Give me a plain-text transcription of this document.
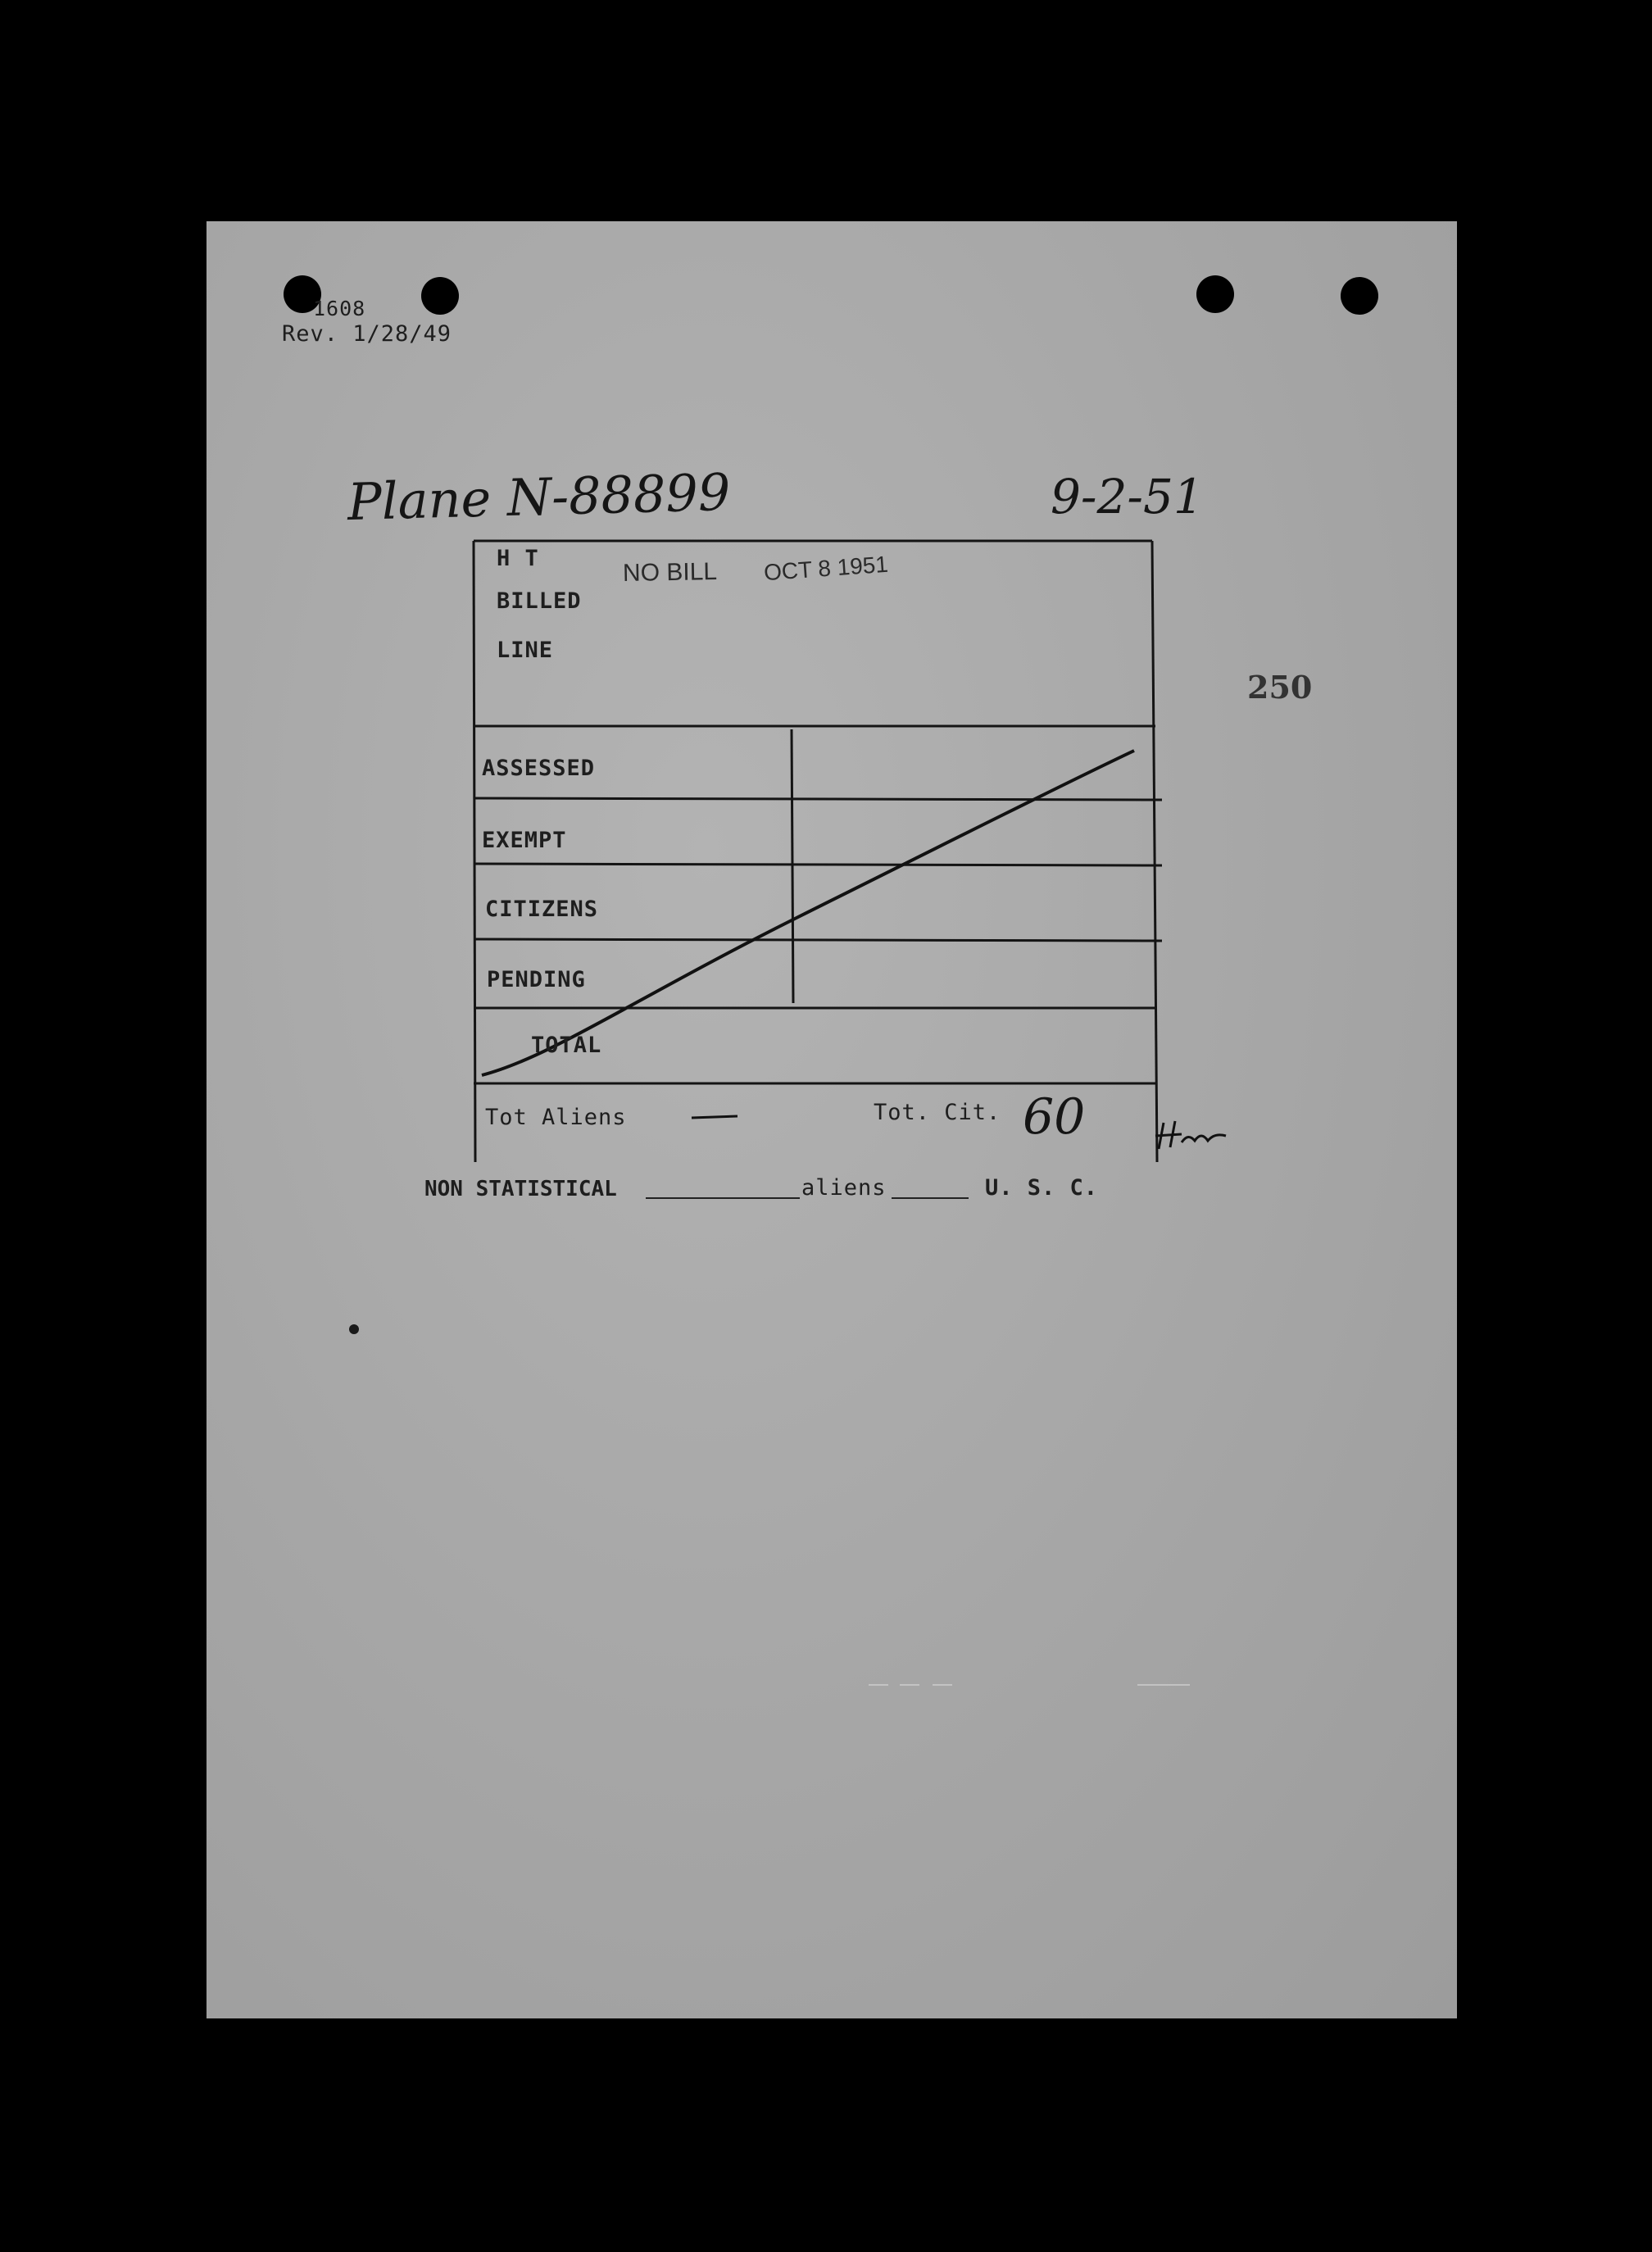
1608
Rev. 1/28/49
Plane N-88899	9-2-51
250
H T
BILLED
LINE
NO BILL OCT 8 1951
ASSESSED
EXEMPT
CITIZENS
PENDING
TOTAL
Tot Aliens	Tot. Cit. 60
NON STATISTICAL	aliens	U. S. C.
